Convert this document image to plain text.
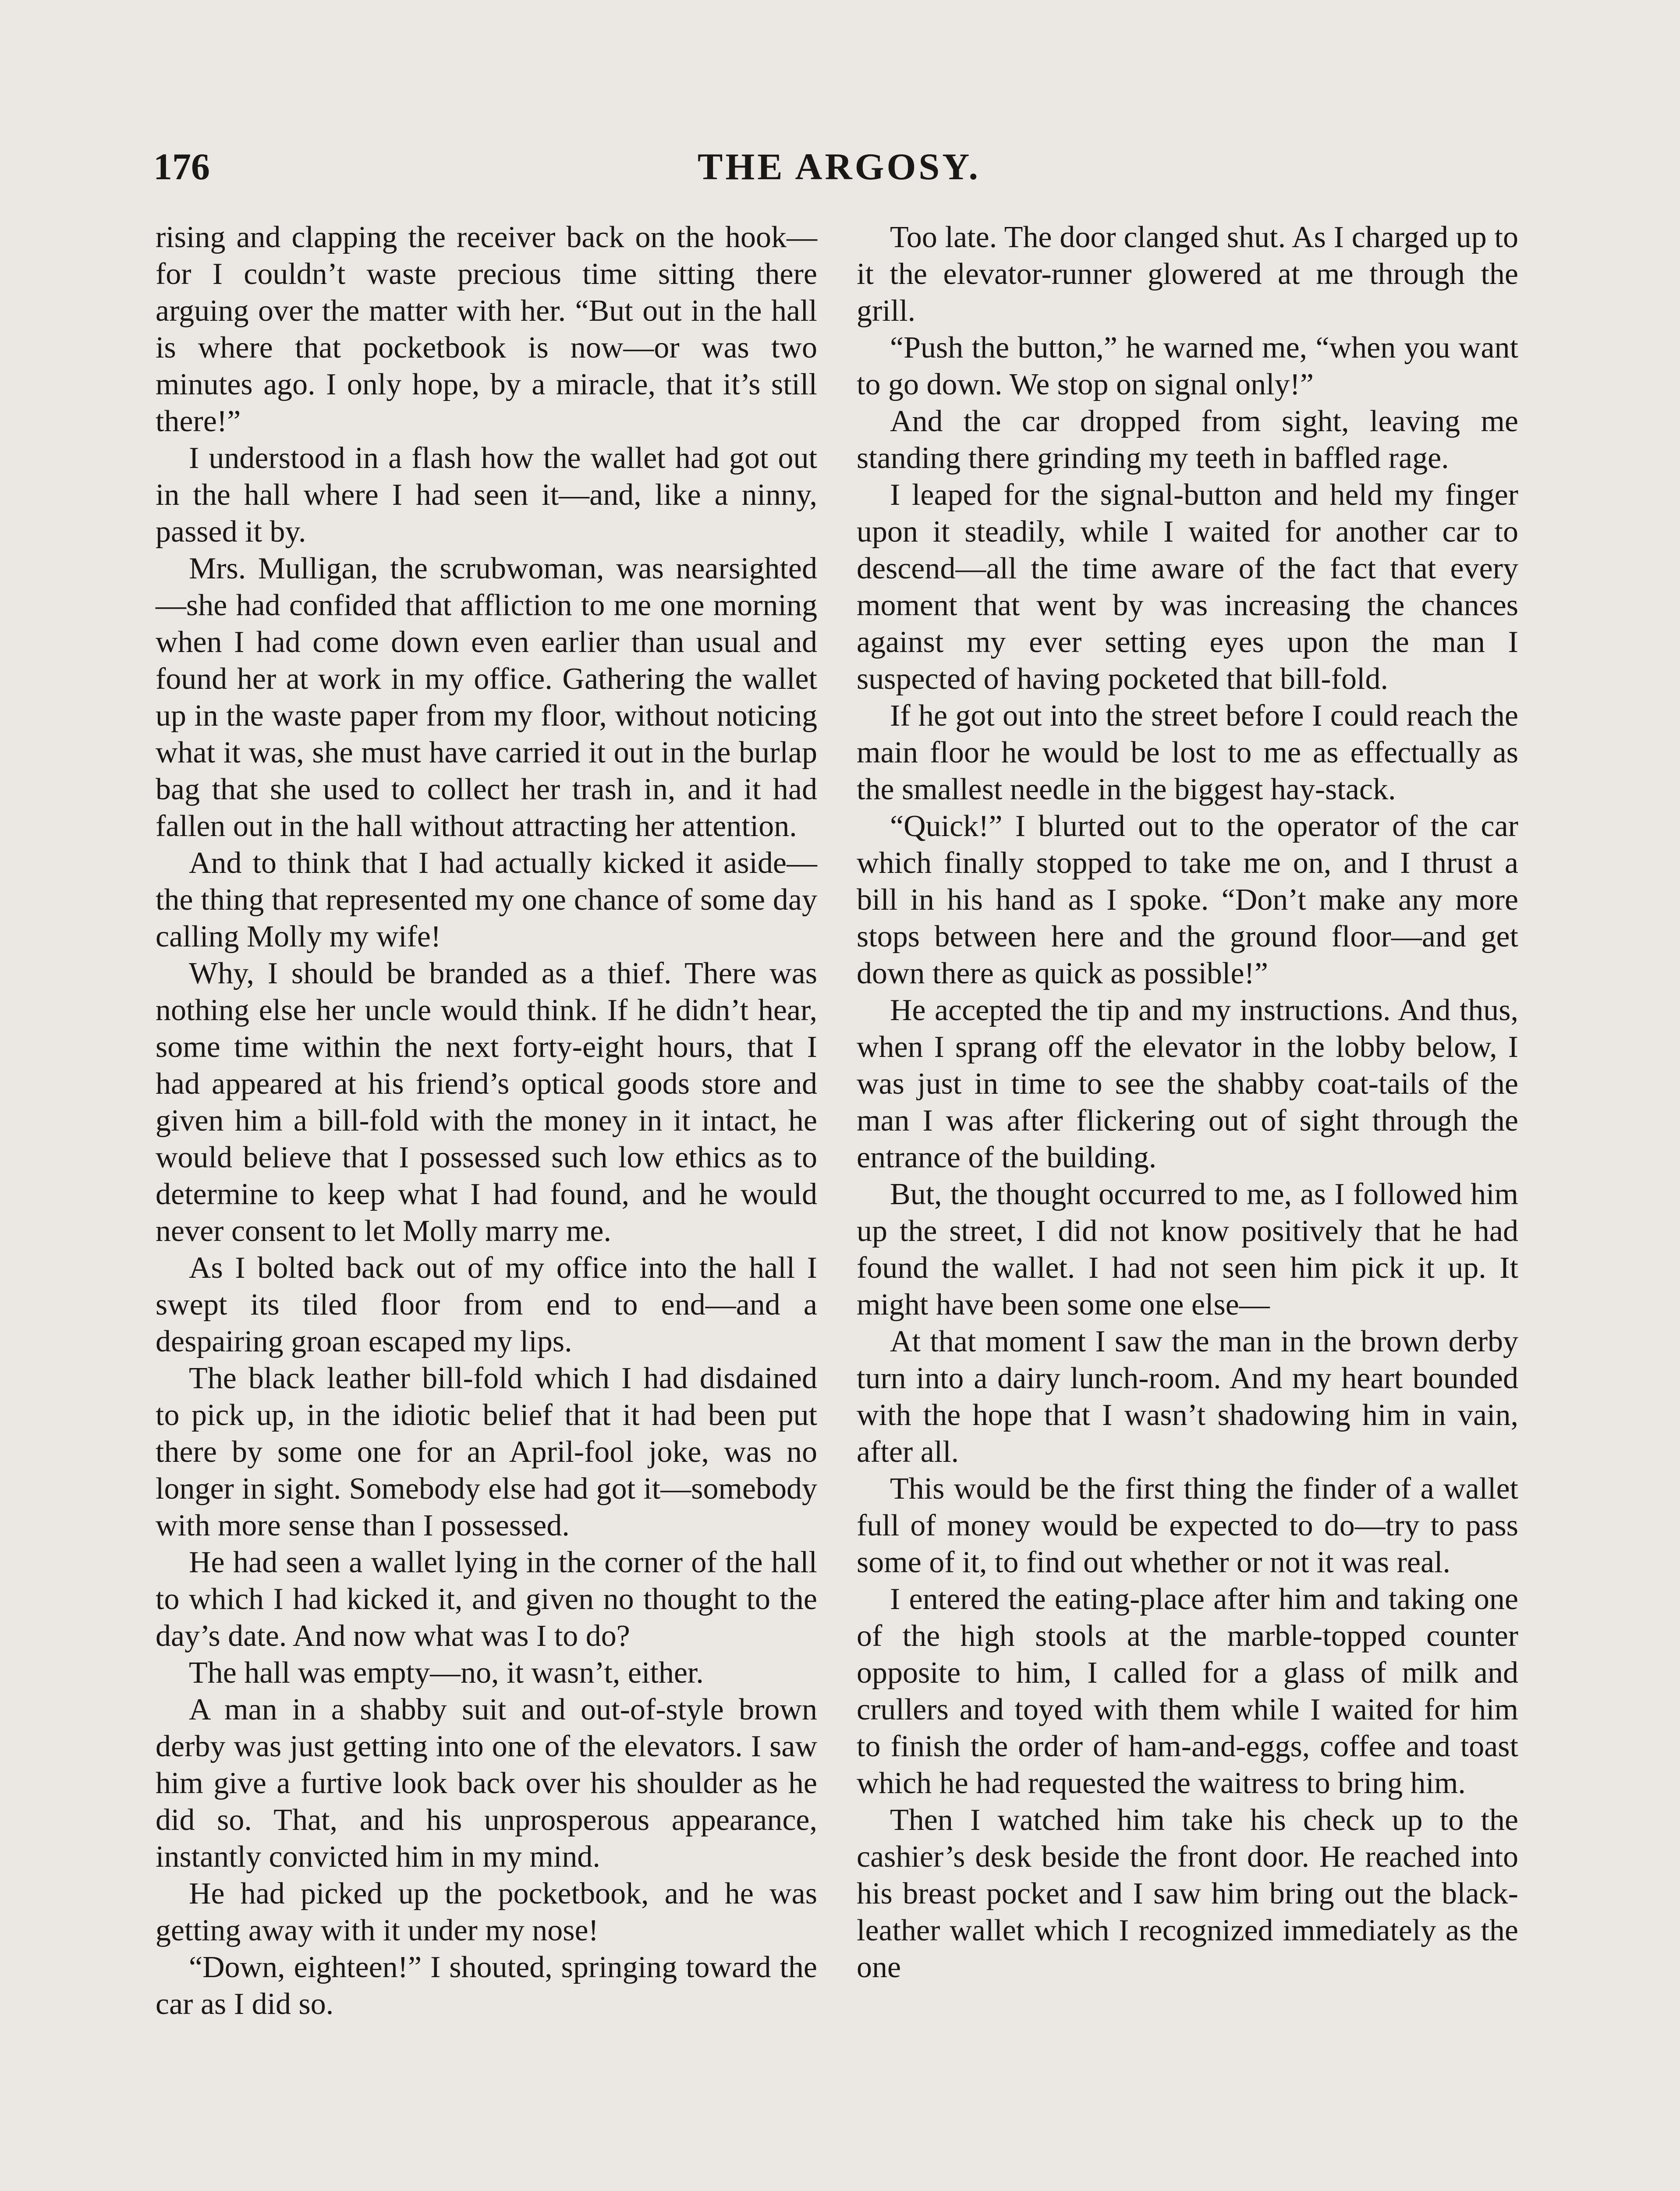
176	THE ARGOSY.

rising and clapping the receiver back on the hook—for I couldn’t waste precious time sitting there arguing over the matter with her. “But out in the hall is where that pocketbook is now—or was two minutes ago. I only hope, by a miracle, that it’s still there!”

I understood in a flash how the wallet had got out in the hall where I had seen it—and, like a ninny, passed it by.

Mrs. Mulligan, the scrubwoman, was nearsighted—she had confided that affliction to me one morning when I had come down even earlier than usual and found her at work in my office. Gathering the wallet up in the waste paper from my floor, without noticing what it was, she must have carried it out in the burlap bag that she used to collect her trash in, and it had fallen out in the hall without attracting her attention.

And to think that I had actually kicked it aside—the thing that represented my one chance of some day calling Molly my wife!

Why, I should be branded as a thief. There was nothing else her uncle would think. If he didn’t hear, some time within the next forty-eight hours, that I had appeared at his friend’s optical goods store and given him a bill-fold with the money in it intact, he would believe that I possessed such low ethics as to determine to keep what I had found, and he would never consent to let Molly marry me.

As I bolted back out of my office into the hall I swept its tiled floor from end to end—and a despairing groan escaped my lips.

The black leather bill-fold which I had disdained to pick up, in the idiotic belief that it had been put there by some one for an April-fool joke, was no longer in sight. Somebody else had got it—somebody with more sense than I possessed.

He had seen a wallet lying in the corner of the hall to which I had kicked it, and given no thought to the day’s date. And now what was I to do?

The hall was empty—no, it wasn’t, either.

A man in a shabby suit and out-of-style brown derby was just getting into one of the elevators. I saw him give a furtive look back over his shoulder as he did so. That, and his unprosperous appearance, instantly convicted him in my mind.

He had picked up the pocketbook, and he was getting away with it under my nose!

“Down, eighteen!” I shouted, springing toward the car as I did so.

Too late. The door clanged shut. As I charged up to it the elevator-runner glowered at me through the grill.

“Push the button,” he warned me, “when you want to go down. We stop on signal only!”

And the car dropped from sight, leaving me standing there grinding my teeth in baffled rage.

I leaped for the signal-button and held my finger upon it steadily, while I waited for another car to descend—all the time aware of the fact that every moment that went by was increasing the chances against my ever setting eyes upon the man I suspected of having pocketed that bill-fold.

If he got out into the street before I could reach the main floor he would be lost to me as effectually as the smallest needle in the biggest hay-stack.

“Quick!” I blurted out to the operator of the car which finally stopped to take me on, and I thrust a bill in his hand as I spoke. “Don’t make any more stops between here and the ground floor—and get down there as quick as possible!”

He accepted the tip and my instructions. And thus, when I sprang off the elevator in the lobby below, I was just in time to see the shabby coat-tails of the man I was after flickering out of sight through the entrance of the building.

But, the thought occurred to me, as I followed him up the street, I did not know positively that he had found the wallet. I had not seen him pick it up. It might have been some one else—

At that moment I saw the man in the brown derby turn into a dairy lunch-room. And my heart bounded with the hope that I wasn’t shadowing him in vain, after all.

This would be the first thing the finder of a wallet full of money would be expected to do—try to pass some of it, to find out whether or not it was real.

I entered the eating-place after him and taking one of the high stools at the marble-topped counter opposite to him, I called for a glass of milk and crullers and toyed with them while I waited for him to finish the order of ham-and-eggs, coffee and toast which he had requested the waitress to bring him.

Then I watched him take his check up to the cashier’s desk beside the front door. He reached into his breast pocket and I saw him bring out the black-leather wallet which I recognized immediately as the one
